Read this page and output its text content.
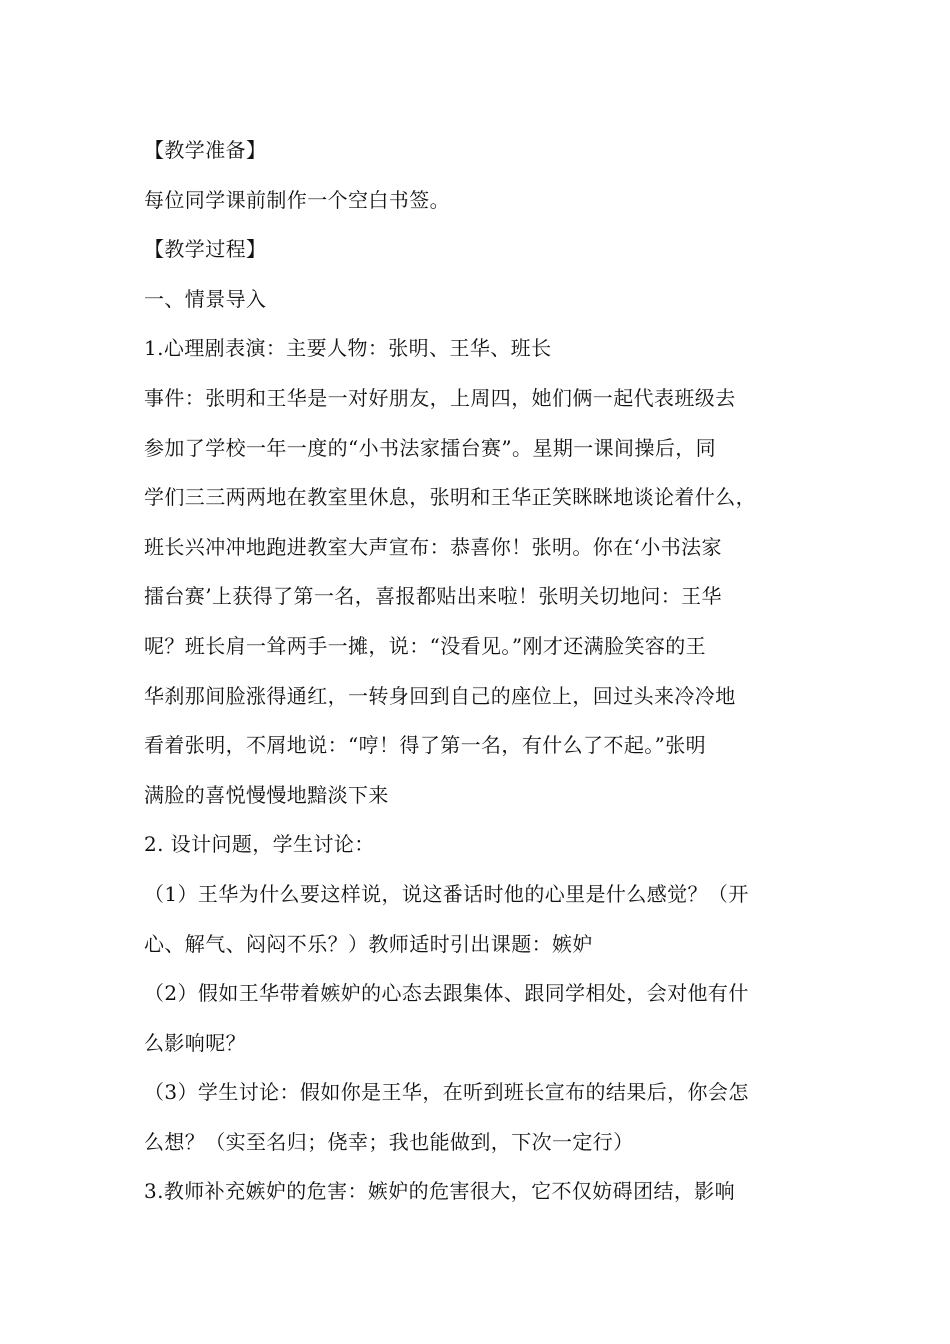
【教学准备】
每位同学课前制作一个空白书签。
【教学过程】
一、情景导入
1.心理剧表演：主要人物：张明、王华、班长
事件：张明和王华是一对好朋友，上周四，她们俩一起代表班级去
参加了学校一年一度的“小书法家擂台赛”。星期一课间操后，同
学们三三两两地在教室里休息，张明和王华正笑眯眯地谈论着什么，
班长兴冲冲地跑进教室大声宣布：恭喜你！张明。你在‘小书法家
擂台赛’上获得了第一名，喜报都贴出来啦！张明关切地问：王华
呢？班长肩一耸两手一摊，说：“没看见。”刚才还满脸笑容的王
华刹那间脸涨得通红，一转身回到自己的座位上，回过头来冷冷地
看着张明，不屑地说：“哼！得了第一名，有什么了不起。”张明
满脸的喜悦慢慢地黯淡下来
2. 设计问题，学生讨论：
（1）王华为什么要这样说，说这番话时他的心里是什么感觉？（开
心、解气、闷闷不乐？）教师适时引出课题：嫉妒
（2）假如王华带着嫉妒的心态去跟集体、跟同学相处，会对他有什
么影响呢？
（3）学生讨论：假如你是王华，在听到班长宣布的结果后，你会怎
么想？（实至名归；侥幸；我也能做到，下次一定行）
3.教师补充嫉妒的危害：嫉妒的危害很大，它不仅妨碍团结，影响
